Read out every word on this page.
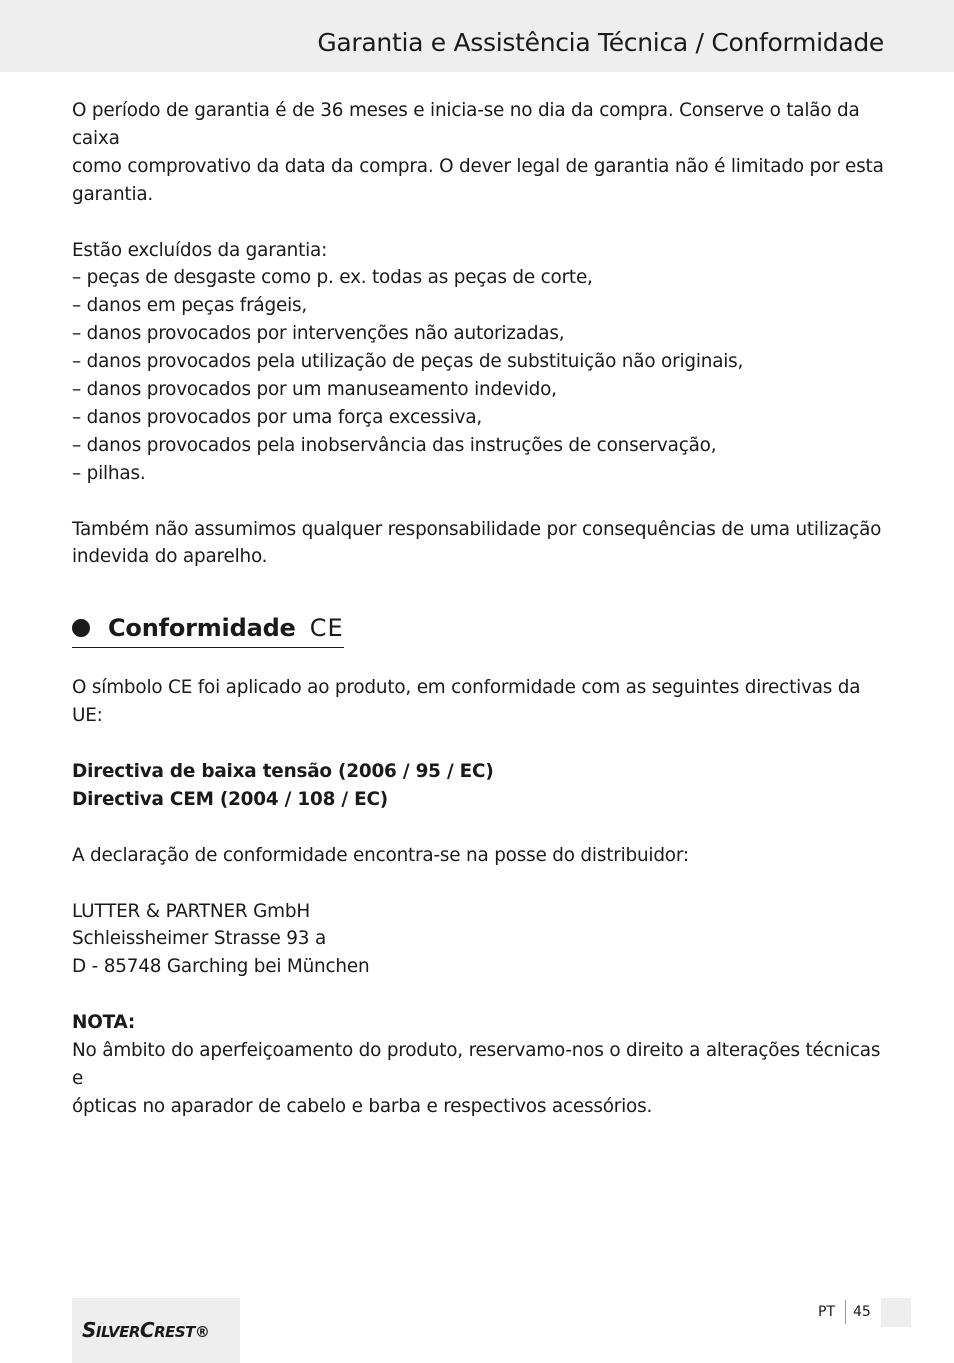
Garantia e Assistência Técnica / Conformidade

O período de garantia é de 36 meses e inicia-se no dia da compra. Conserve o talão da caixa

como comprovativo da data da compra. O dever legal de garantia não é limitado por esta

garantia.

Estão excluídos da garantia:

– peças de desgaste como p. ex. todas as peças de corte,
– danos em peças frágeis,
– danos provocados por intervenções não autorizadas,
– danos provocados pela utilização de peças de substituição não originais,
– danos provocados por um manuseamento indevido,
– danos provocados por uma força excessiva,
– danos provocados pela inobservância das instruções de conservação,
– pilhas.

Também não assumimos qualquer responsabilidade por consequências de uma utilização

indevida do aparelho.

Conformidade CE

O símbolo CE foi aplicado ao produto, em conformidade com as seguintes directivas da UE:

Directiva de baixa tensão (2006 / 95 / EC)

Directiva CEM (2004 / 108 / EC)

A declaração de conformidade encontra-se na posse do distribuidor:

LUTTER & PARTNER GmbH

Schleissheimer Strasse 93 a

D - 85748 Garching bei München

NOTA:

No âmbito do aperfeiçoamento do produto, reservamo-nos o direito a alterações técnicas e

ópticas no aparador de cabelo e barba e respectivos acessórios.

SILVERCREST®
PT 45
